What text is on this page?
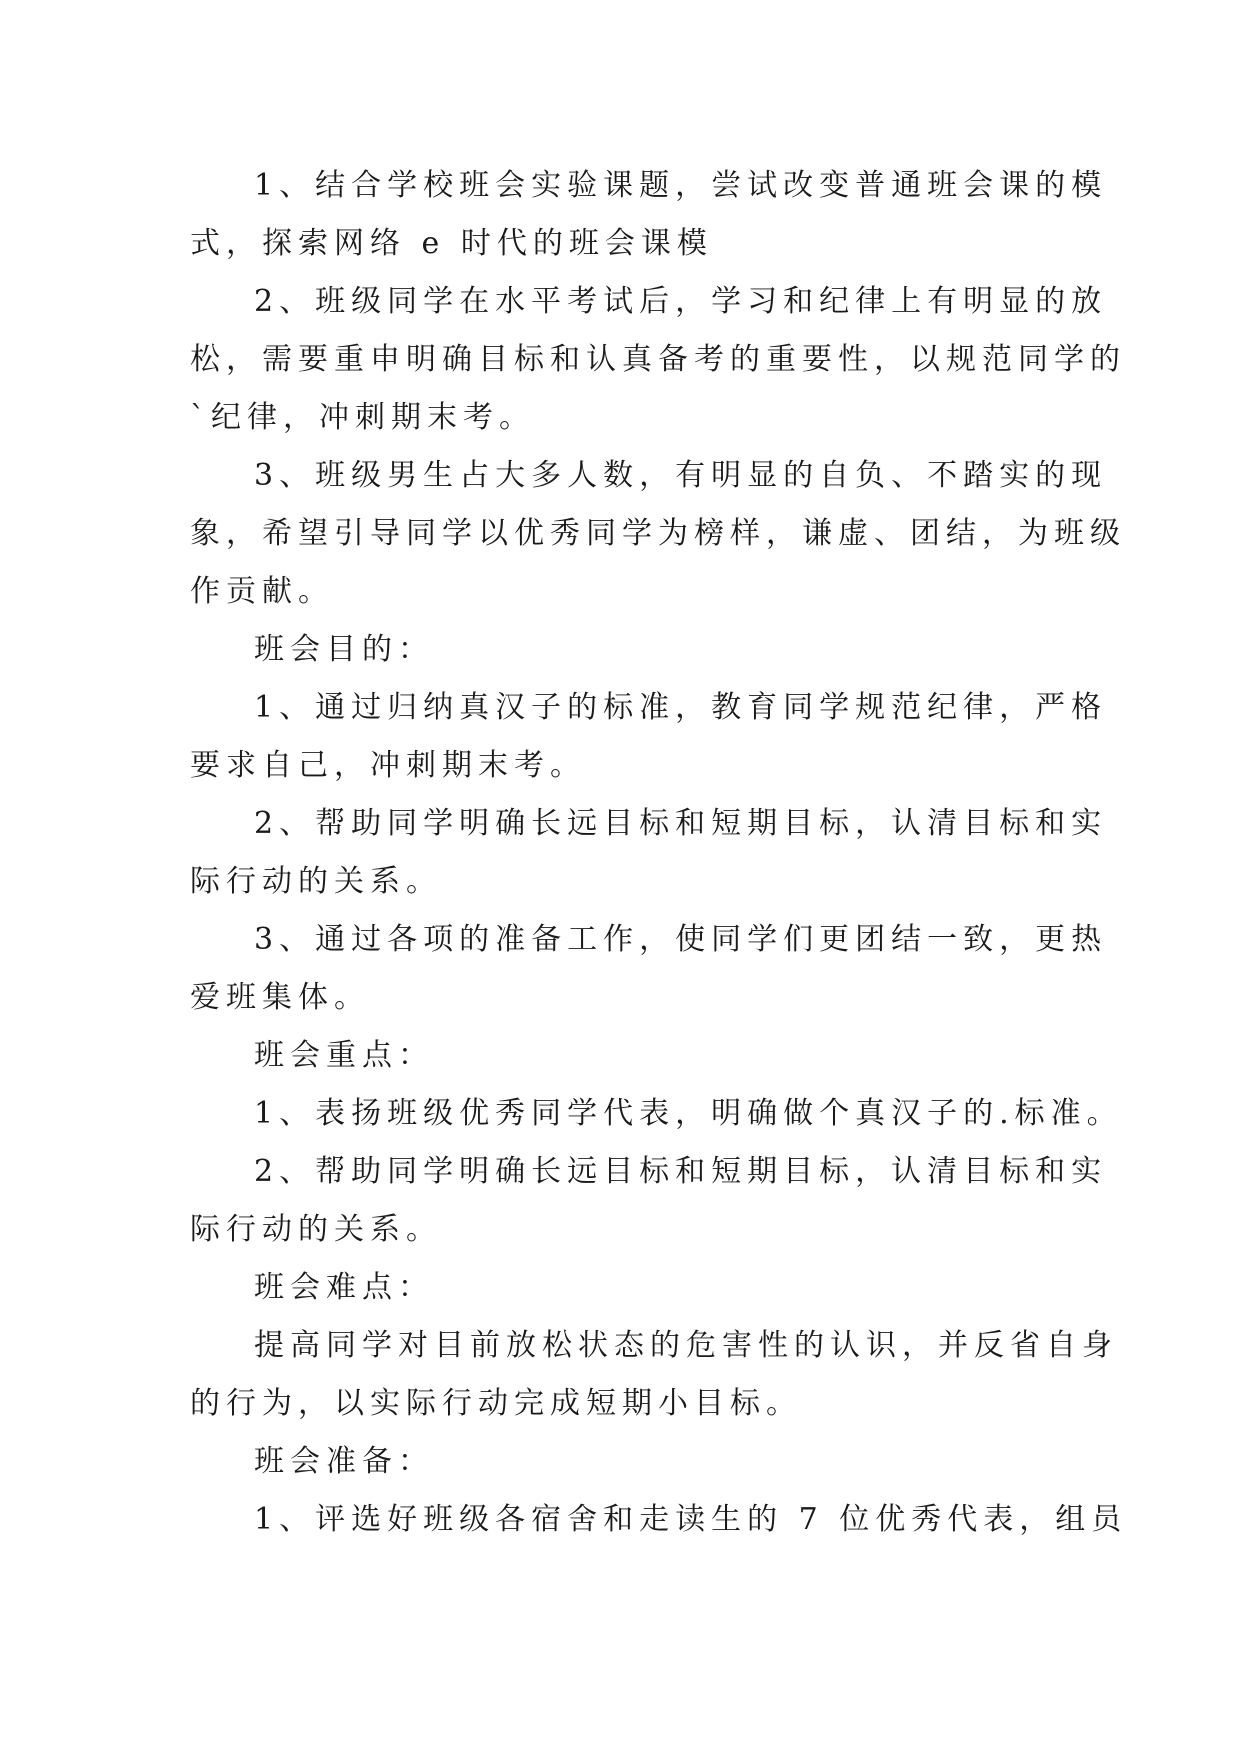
1、结合学校班会实验课题，尝试改变普通班会课的模

式，探索网络 e 时代的班会课模

2、班级同学在水平考试后，学习和纪律上有明显的放

松，需要重申明确目标和认真备考的重要性，以规范同学的

`纪律，冲刺期末考。

3、班级男生占大多人数，有明显的自负、不踏实的现

象，希望引导同学以优秀同学为榜样，谦虚、团结，为班级

作贡献。

班会目的：

1、通过归纳真汉子的标准，教育同学规范纪律，严格

要求自己，冲刺期末考。

2、帮助同学明确长远目标和短期目标，认清目标和实

际行动的关系。

3、通过各项的准备工作，使同学们更团结一致，更热

爱班集体。

班会重点：

1、表扬班级优秀同学代表，明确做个真汉子的.标准。

2、帮助同学明确长远目标和短期目标，认清目标和实

际行动的关系。

班会难点：

提高同学对目前放松状态的危害性的认识，并反省自身

的行为，以实际行动完成短期小目标。

班会准备：

1、评选好班级各宿舍和走读生的 7 位优秀代表，组员
